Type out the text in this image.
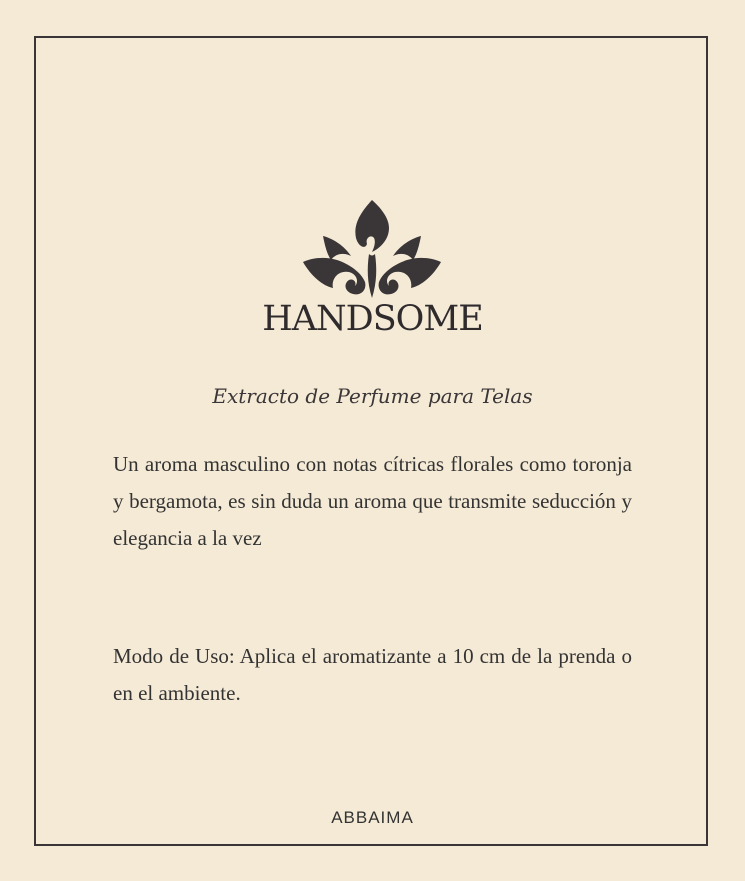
HANDSOME
Extracto de Perfume para Telas

Un aroma masculino con notas cítricas florales como toronja y bergamota, es sin duda un aroma que transmite seducción y elegancia a la vez

Modo de Uso: Aplica el aromatizante a 10 cm de la prenda o en el ambiente.

ABBAIMA
